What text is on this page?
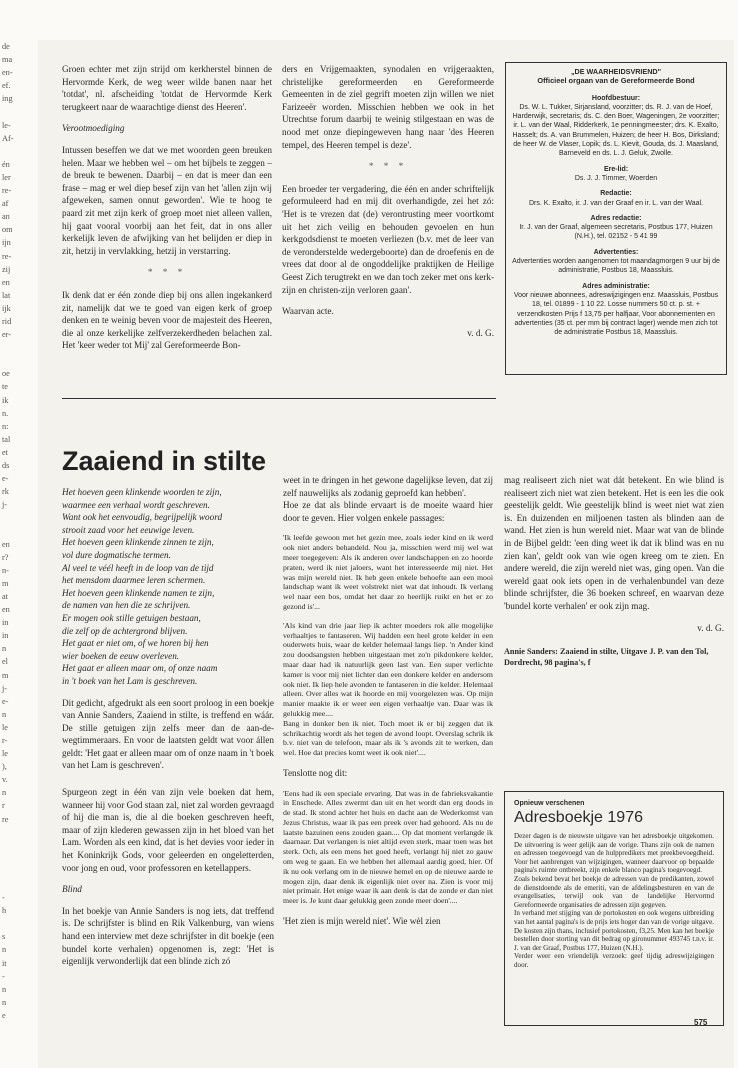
de
ma
en-
ef.
ing

le-
Af-

én
ler
re-
af
an
om
ijn
re-
zij
en
lat
ijk
rid
er-

oe
te
ik
n.
n:
tal
et
ds
e-
rk
j-

en
r?
n-
m
at
en
in
in
n
el
m
j-
e-
n
le
r-
le
),
v.
n
r
re

-
h

s
n
it
-
n
n
e

Groen echter met zijn strijd om kerkherstel binnen de Hervormde Kerk, de weg weer wilde banen naar het 'totdat', nl. afscheiding 'totdat de Hervormde Kerk terugkeert naar de waarachtige dienst des Heeren'.

Verootmoediging

Intussen beseffen we dat we met woorden geen breuken helen. Maar we hebben wel – om het bijbels te zeggen – de breuk te bewenen. Daarbij – en dat is meer dan een frase – mag er wel diep besef zijn van het 'allen zijn wij afgeweken, samen onnut geworden'. Wie te hoog te paard zit met zijn kerk of groep moet niet alleen vallen, hij gaat vooral voorbij aan het feit, dat in ons aller kerkelijk leven de afwijking van het belijden er diep in zit, hetzij in vervlakking, hetzij in verstarring.

* * *

Ik denk dat er één zonde diep bij ons allen ingekankerd zit, namelijk dat we te goed van eigen kerk of groep denken en te weinig beven voor de majesteit des Heeren, die al onze kerkelijke zelfverzekerdheden belachen zal. Het 'keer weder tot Mij' zal Gereformeerde Bon-

ders en Vrijgemaakten, synodalen en vrijgeraakten, christelijke gereformeerden en Gereformeerde Gemeenten in de ziel gegrift moeten zijn willen we niet Farizeeër worden. Misschien hebben we ook in het Utrechtse forum daarbij te weinig stilgestaan en was de nood met onze diepingeweven hang naar 'des Heeren tempel, des Heeren tempel is deze'.

* * *

Een broeder ter vergadering, die één en ander schriftelijk geformuleerd had en mij dit overhandigde, zei het zó: 'Het is te vrezen dat (de) verontrusting meer voortkomt uit het zich veilig en behouden gevoelen en hun kerkgodsdienst te moeten verliezen (b.v. met de leer van de veronderstelde wedergeboorte) dan de droefenis en de vrees dat door al de ongoddelijke praktijken de Heilige Geest Zich terugtrekt en we dan toch zeker met ons kerk-zijn en christen-zijn verloren gaan'.

Waarvan acte.

v. d. G.
„DE WAARHEIDSVRIEND"
Officieel orgaan van de Gereformeerde Bond
Hoofdbestuur:
Ds. W. L. Tukker, Sirjansland, voorzitter; ds. R. J. van de Hoef, Harderwijk, secretaris; ds. C. den Boer, Wageningen, 2e voorzitter; ir. L. van der Waal, Ridderkerk, 1e penningmeester; drs. K. Exalto, Hasselt; ds. A. van Brummelen, Huizen; de heer H. Bos, Dirksland; de heer W. de Vlaser, Lopik; ds. L. Kievit, Gouda, ds. J. Maasland, Barneveld en ds. L. J. Geluk, Zwolle.
Ere-lid:
Ds. J. J. Timmer, Woerden
Redactie:
Drs. K. Exalto, ir. J. van der Graaf en ir. L. van der Waal.
Adres redactie:
Ir. J. van der Graaf, algemeen secretaris, Postbus 177, Huizen (N.H.), tel. 02152 - 5 41 99
Advertenties:
Advertenties worden aangenomen tot maandagmorgen 9 uur bij de administratie, Postbus 18, Maassluis.
Adres administratie:
Voor nieuwe abonnees, adreswijzigingen enz. Maassluis, Postbus 18, tel. 01899 - 1 10 22. Losse nummers 50 ct. p. st. + verzendkosten Prijs f 13,75 per halfjaar, Voor abonnementen en advertenties (35 ct. per mm bij contract lager) wende men zich tot de administratie Postbus 18, Maassluis.
Zaaiend in stilte
Het hoeven geen klinkende woorden te zijn,
waarmee een verhaal wordt geschreven.
Want ook het eenvoudig, begrijpelijk woord
strooit zaad voor het eeuwige leven.
Het hoeven geen klinkende zinnen te zijn,
vol dure dogmatische termen.
Al veel te véél heeft in de loop van de tijd
het mensdom daarmee leren schermen.
Het hoeven geen klinkende namen te zijn,
de namen van hen die ze schrijven.
Er mogen ook stille getuigen bestaan,
die zelf op de achtergrond blijven.
Het gaat er niet om, of we horen bij hen
wier boeken de eeuw overleven.
Het gaat er alleen maar om, of onze naam
in 't boek van het Lam is geschreven.

Dit gedicht, afgedrukt als een soort proloog in een boekje van Annie Sanders, Zaaiend in stilte, is treffend en wáár. De stille getuigen zijn zelfs meer dan de aan-de-wegtimmeraars. En voor de laatsten geldt wat voor állen geldt: 'Het gaat er alleen maar om of onze naam in 't boek van het Lam is geschreven'.

Spurgeon zegt in één van zijn vele boeken dat hem, wanneer hij voor God staan zal, niet zal worden gevraagd of hij die man is, die al die boeken geschreven heeft, maar of zijn klederen gewassen zijn in het bloed van het Lam. Worden als een kind, dat is het devies voor ieder in het Koninkrijk Gods, voor geleerden en ongeletterden, voor jong en oud, voor professoren en ketellappers.

Blind

In het boekje van Annie Sanders is nog iets, dat treffend is. De schrijfster is blind en Rik Valkenburg, van wiens hand een interview met deze schrijfster in dit boekje (een bundel korte verhalen) opgenomen is, zegt: 'Het is eigenlijk verwonderlijk dat een blinde zich zó

weet in te dringen in het gewone dagelijkse leven, dat zij zelf nauwelijks als zodanig geproefd kan hebben'.

Hoe ze dat als blinde ervaart is de moeite waard hier door te geven. Hier volgen enkele passages:

'Ik leefde gewoon met het gezin mee, zoals ieder kind en ik werd ook niet anders behandeld. Nou ja, misschien werd mij wel wat meer toegegeven: Als ik anderen over landschappen en zo hoorde praten, werd ik niet jaloers, want het interesseerde mij niet. Het was mijn wereld niet. Ik heb geen enkele behoefte aan een mooi landschap want ik weet volstrekt niet wat dat inhoudt. Ik verlang wel naar een bos, omdat het daar zo heerlijk ruikt en het er zo gezond is'...

'Als kind van drie jaar liep ik achter moeders rok alle mogelijke verhaaltjes te fantaseren. Wij hadden een heel grote kelder in een ouderwets huis, waar de kelder helemaal langs liep. 'n Ander kind zou doodsangsten hebben uitgestaan met zo'n pikdonkere kelder, maar daar had ik natuurlijk geen last van. Een super verlichte kamer is voor mij niet lichter dan een donkere kelder en andersom ook niet. Ik liep hele avonden te fantaseren in die kelder. Helemaal alleen. Over alles wat ik hoorde en mij voorgelezen was. Op mijn manier maakte ik er weer een eigen verhaaltje van. Daar was ik gelukkig mee....

Bang in donker ben ik niet. Toch moet ik er bij zeggen dat ik schrikachtig wordt als het tegen de avond loopt. Overslag schrik ik b.v. niet van de telefoon, maar als ik 's avonds zit te werken, dan wel. Hoe dat precies komt weet ik ook niet'....

Tenslotte nog dit:

'Eens had ik een speciale ervaring. Dat was in de fabrieksvakantie in Enschede. Alles zwermt dan uit en het wordt dan erg doods in de stad. Ik stond achter het huis en dacht aan de Wederkomst van Jezus Christus, waar ik pas een preek over had gehoord. Als nu de laatste bazuinen eens zouden gaan.... Op dat moment verlangde ik daarnaar. Dat verlangen is niet altijd even sterk, maar toen was het sterk. Och, als een mens het goed heeft, verlangt hij niet zo gauw om weg te gaan. En we hebben het allemaal aardig goed, hier. Of ik nu ook verlang om in de nieuwe hemel en op de nieuwe aarde te mogen zijn, daar denk ik eigenlijk niet over na. Zien is voor mij niet primair. Het enige waar ik aan denk is dat de zonde er dan niet meer is. Je kunt daar gelukkig geen zonde meer doen'....

'Het zien is mijn wereld niet'. Wie wèl zien

mag realiseert zich niet wat dát betekent. En wie blind is realiseert zich niet wat zien betekent. Het is een les die ook geestelijk geldt. Wie geestelijk blind is weet niet wat zien is. En duizenden en miljoenen tasten als blinden aan de wand. Het zien is hun wereld niet. Maar wat van de blinde in de Bijbel geldt: 'een ding weet ik dat ik blind was en nu zien kan', geldt ook van wie ogen kreeg om te zien. En andere wereld, die zijn wereld niet was, ging open. Van die wereld gaat ook iets open in de verhalenbundel van deze blinde schrijfster, die 36 boeken schreef, en waarvan deze 'bundel korte verhalen' er ook zijn mag.

v. d. G.
Annie Sanders: Zaaiend in stilte, Uitgave J. P. van den Tol, Dordrecht, 98 pagina's, f
Opnieuw verschenen
Adresboekje 1976
Dezer dagen is de nieuwste uitgave van het adresboekje uitgekomen. De uitvoering is weer gelijk aan de vorige. Thans zijn ook de namen en adressen toegevoegd van de hulppredikers met preekbevoegdheid. Voor het aanbrengen van wijzigingen, wanneer daarvoor op bepaalde pagina's ruimte ontbreekt, zijn enkele blanco pagina's toegevoegd.
Zoals bekend bevat het boekje de adressen van de predikanten, zowel de dienstdoende als de emeriti, van de afdelingsbesturen en van de evangelisaties, terwijl ook van de landelijke Hervormd Gereformeerde organisaties de adressen zijn gegeven.
In verband met stijging van de portokosten en ook wegens uitbreiding van het aantal pagina's is de prijs iets hoger dan van de vorige uitgave. De kosten zijn thans, inclusief portokosten, f3,25. Men kan het boekje bestellen door storting van dit bedrag op gironummer 493745 t.n.v. ir. J. van der Graaf, Postbus 177, Huizen (N.H.).
Verder weer een vriendelijk verzoek: geef tijdig adreswijzigingen door.
575
